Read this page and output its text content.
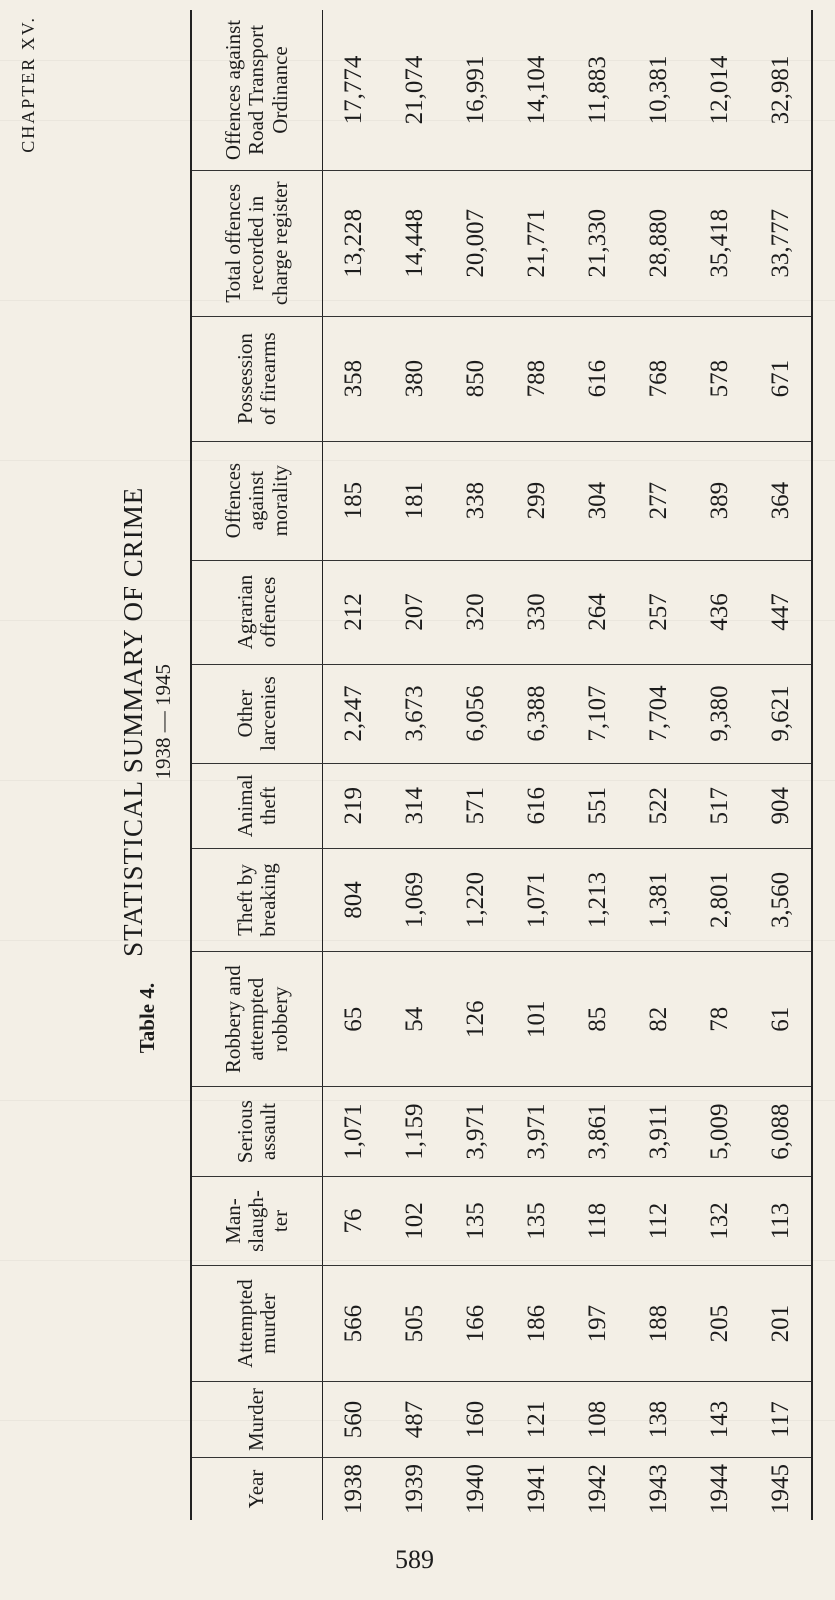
CHAPTER XV.
Table 4.
STATISTICAL SUMMARY OF CRIME 1938 — 1945
Year	Murder	Attempted murder	Man-slaugh-ter	Serious assault	Robbery and attempted robbery	Theft by breaking	Animal theft	Other larcenies	Agrarian offences	Offences against morality	Possession of firearms	Total offences recorded in charge register	Offences against Road Transport Ordinance
1938	560	566	76	1,071	65	804	219	2,247	212	185	358	13,228	17,774
1939	487	505	102	1,159	54	1,069	314	3,673	207	181	380	14,448	21,074
1940	160	166	135	3,971	126	1,220	571	6,056	320	338	850	20,007	16,991
1941	121	186	135	3,971	101	1,071	616	6,388	330	299	788	21,771	14,104
1942	108	197	118	3,861	85	1,213	551	7,107	264	304	616	21,330	11,883
1943	138	188	112	3,911	82	1,381	522	7,704	257	277	768	28,880	10,381
1944	143	205	132	5,009	78	2,801	517	9,380	436	389	578	35,418	12,014
1945	117	201	113	6,088	61	3,560	904	9,621	447	364	671	33,777	32,981
589
